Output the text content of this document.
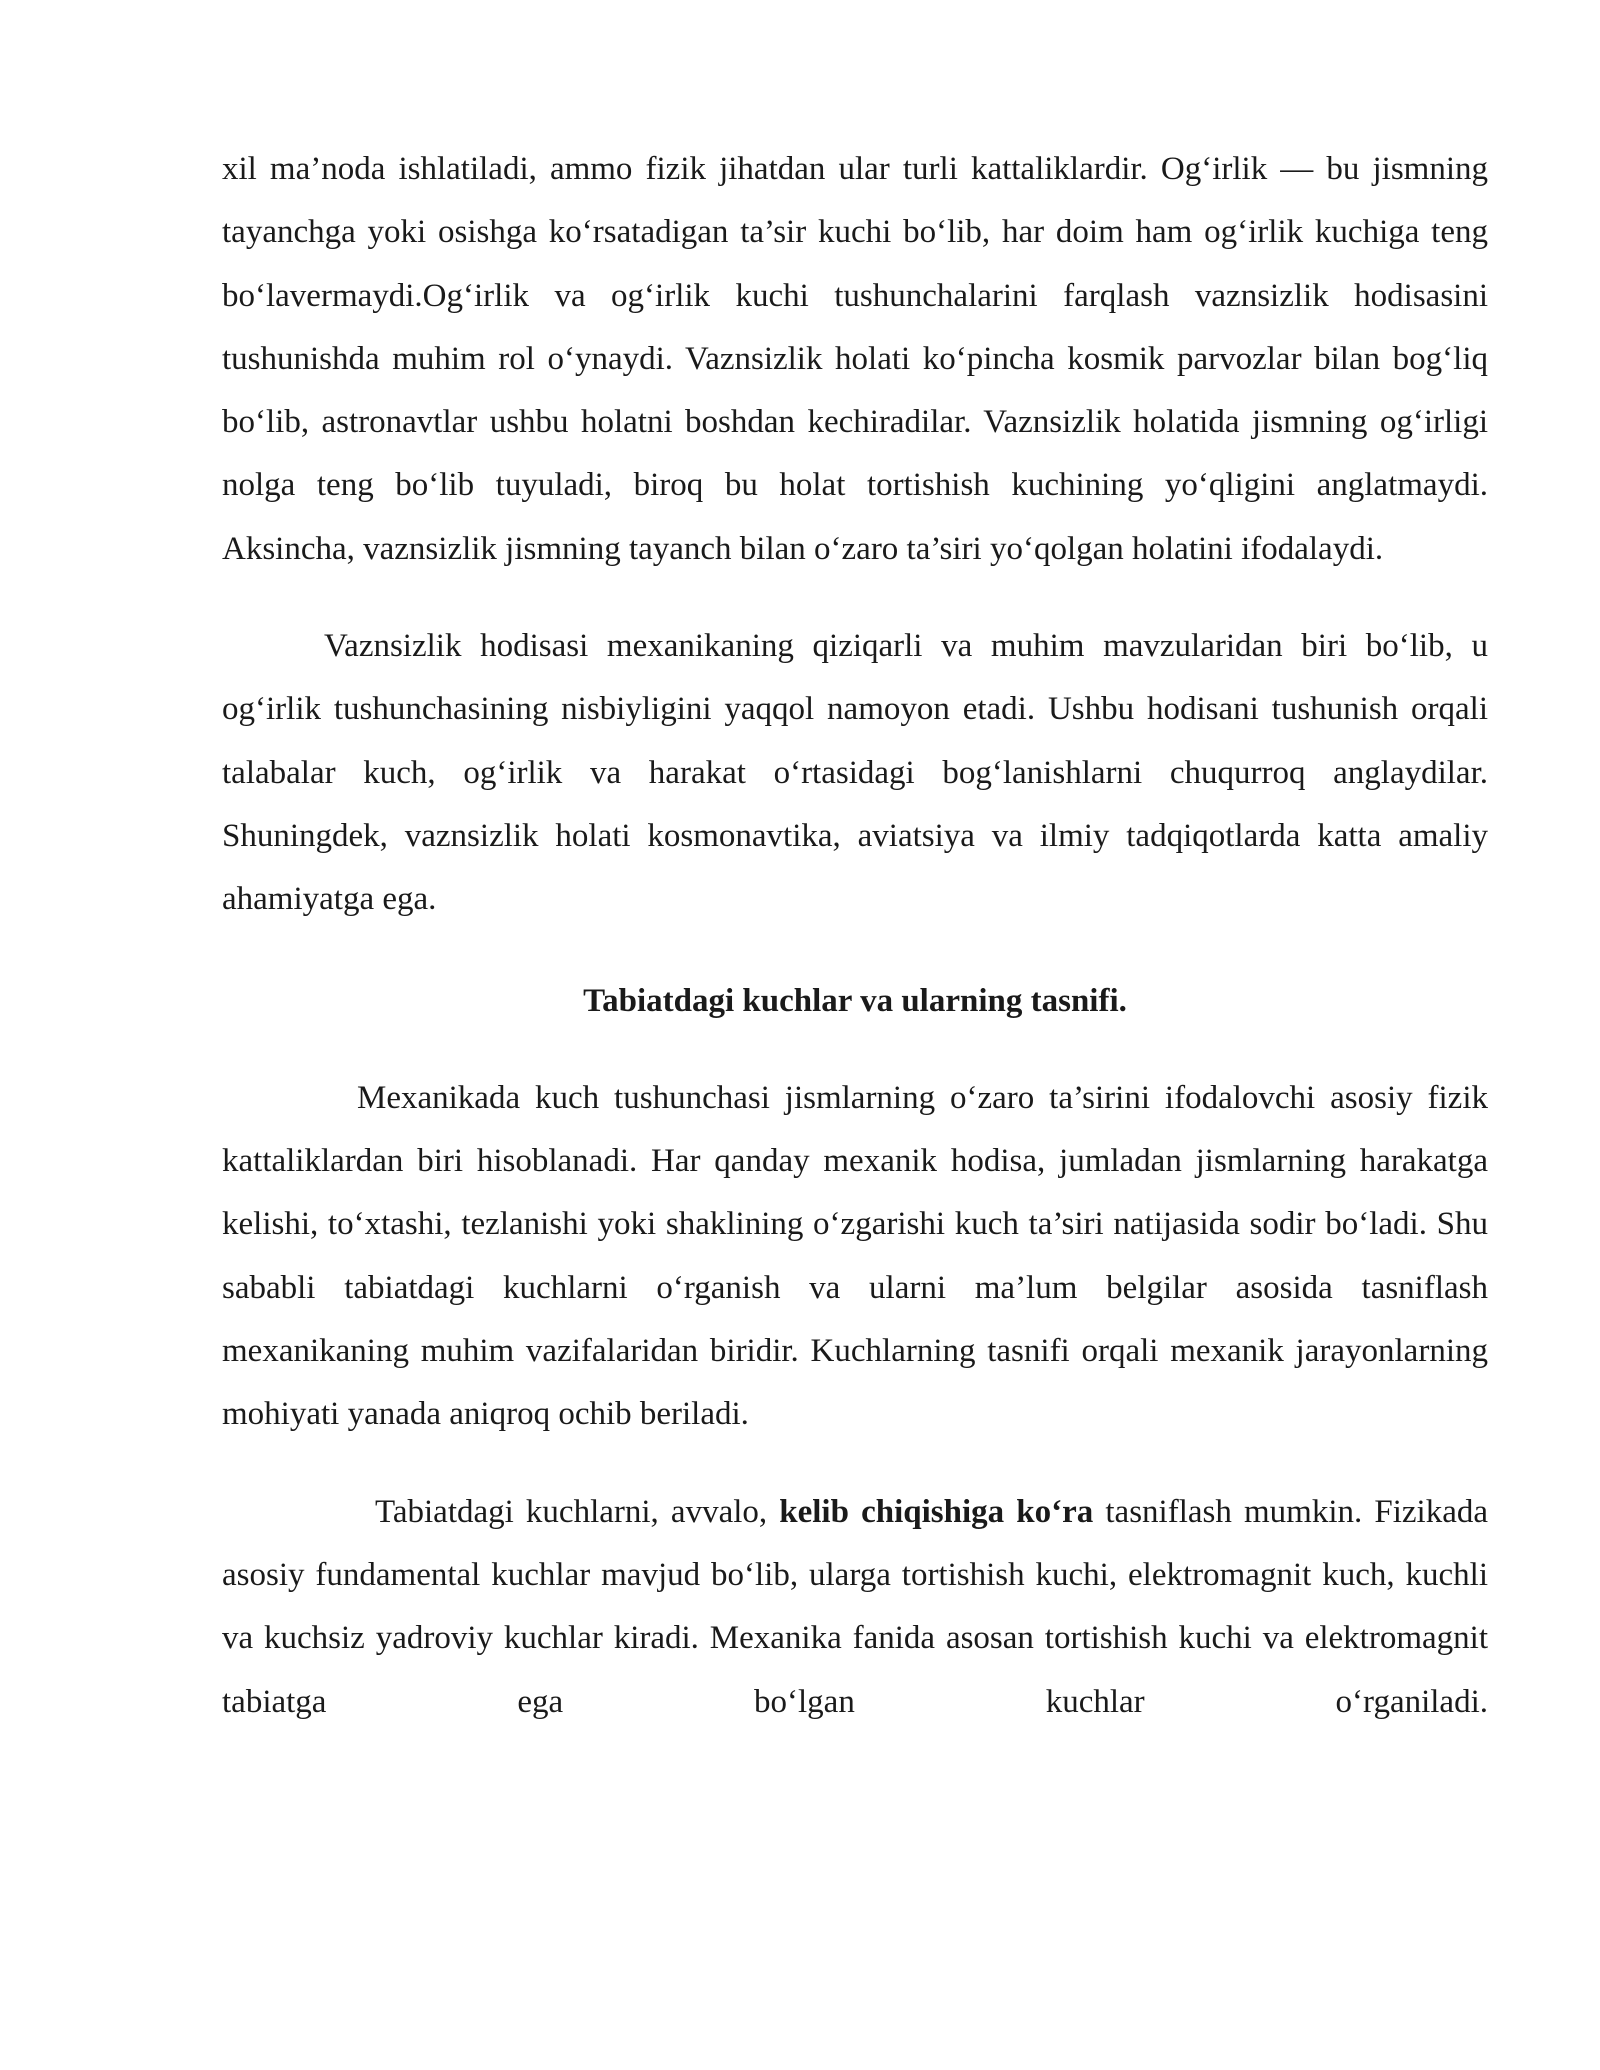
xil ma’noda ishlatiladi, ammo fizik jihatdan ular turli kattaliklardir. Og‘irlik — bu jismning tayanchga yoki osishga ko‘rsatadigan ta’sir kuchi bo‘lib, har doim ham og‘irlik kuchiga teng bo‘lavermaydi.Og‘irlik va og‘irlik kuchi tushunchalarini farqlash vaznsizlik hodisasini tushunishda muhim rol o‘ynaydi. Vaznsizlik holati ko‘pincha kosmik parvozlar bilan bog‘liq bo‘lib, astronavtlar ushbu holatni boshdan kechiradilar. Vaznsizlik holatida jismning og‘irligi nolga teng bo‘lib tuyuladi, biroq bu holat tortishish kuchining yo‘qligini anglatmaydi. Aksincha, vaznsizlik jismning tayanch bilan o‘zaro ta’siri yo‘qolgan holatini ifodalaydi.

Vaznsizlik hodisasi mexanikaning qiziqarli va muhim mavzularidan biri bo‘lib, u og‘irlik tushunchasining nisbiyligini yaqqol namoyon etadi. Ushbu hodisani tushunish orqali talabalar kuch, og‘irlik va harakat o‘rtasidagi bog‘lanishlarni chuqurroq anglaydilar. Shuningdek, vaznsizlik holati kosmonavtika, aviatsiya va ilmiy tadqiqotlarda katta amaliy ahamiyatga ega.

Tabiatdagi kuchlar va ularning tasnifi.

Mexanikada kuch tushunchasi jismlarning o‘zaro ta’sirini ifodalovchi asosiy fizik kattaliklardan biri hisoblanadi. Har qanday mexanik hodisa, jumladan jismlarning harakatga kelishi, to‘xtashi, tezlanishi yoki shaklining o‘zgarishi kuch ta’siri natijasida sodir bo‘ladi. Shu sababli tabiatdagi kuchlarni o‘rganish va ularni ma’lum belgilar asosida tasniflash mexanikaning muhim vazifalaridan biridir. Kuchlarning tasnifi orqali mexanik jarayonlarning mohiyati yanada aniqroq ochib beriladi.

Tabiatdagi kuchlarni, avvalo, kelib chiqishiga ko‘ra tasniflash mumkin. Fizikada asosiy fundamental kuchlar mavjud bo‘lib, ularga tortishish kuchi, elektromagnit kuch, kuchli va kuchsiz yadroviy kuchlar kiradi. Mexanika fanida asosan tortishish kuchi va elektromagnit tabiatga ega bo‘lgan kuchlar o‘rganiladi.
